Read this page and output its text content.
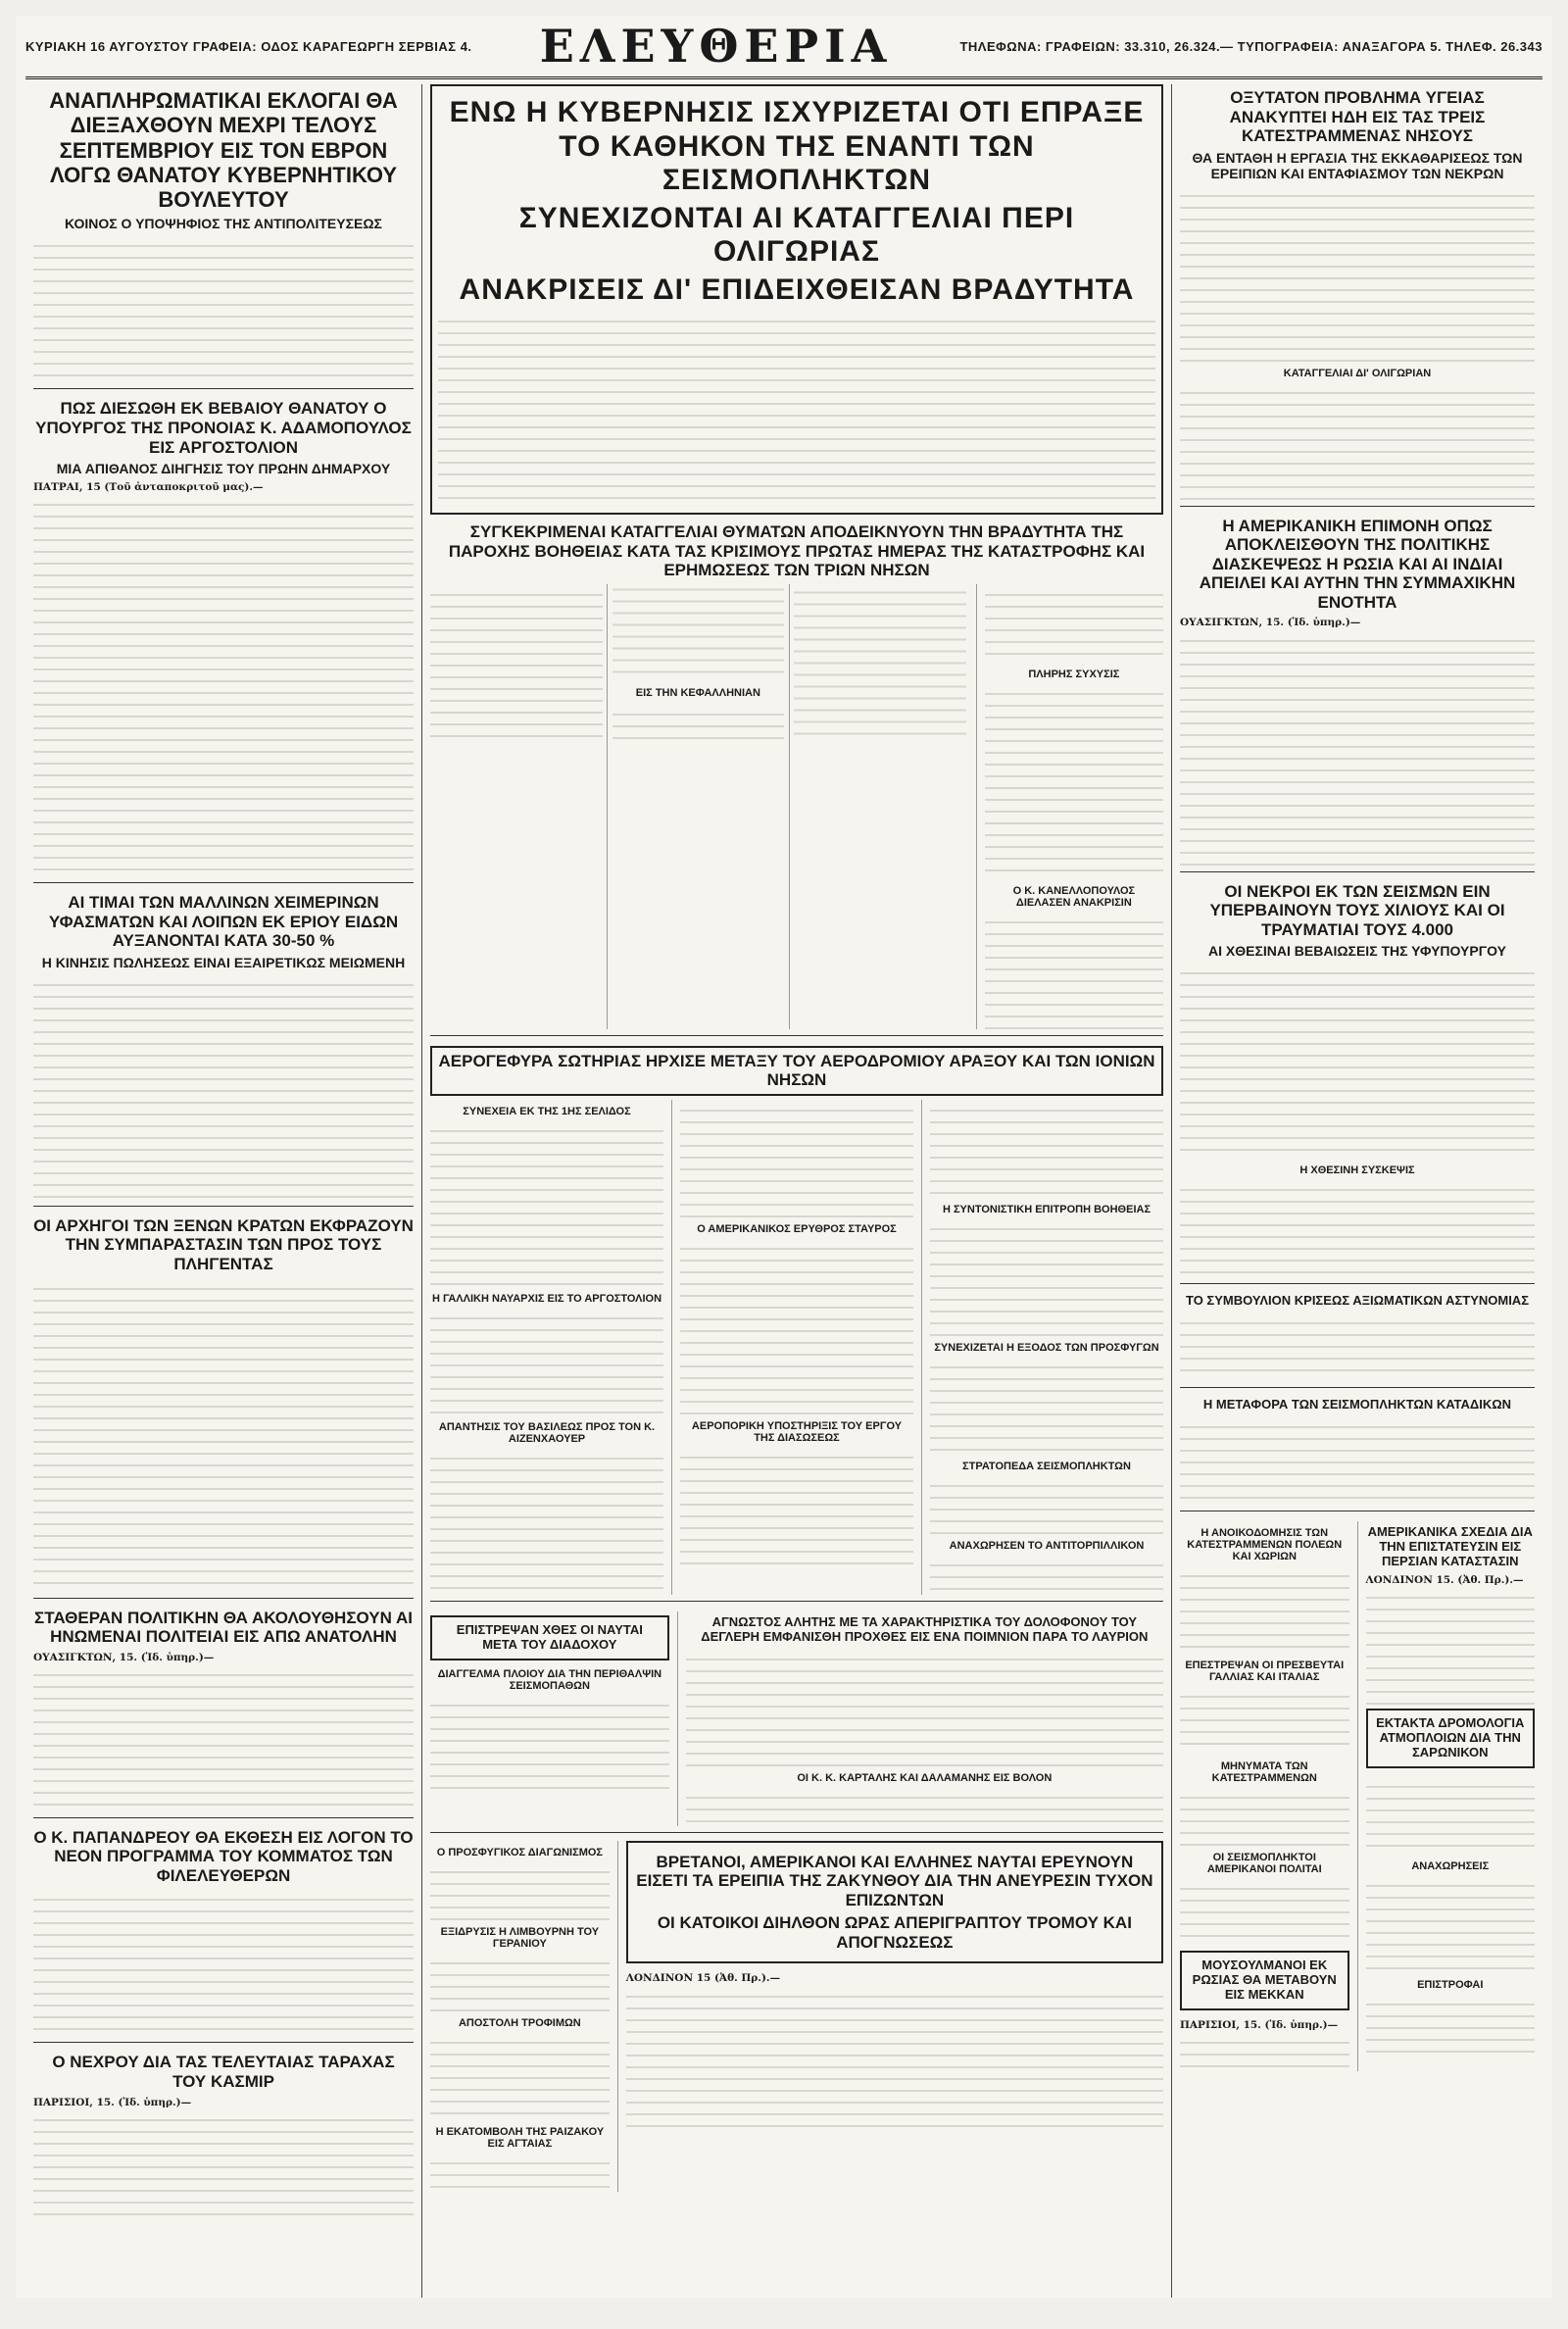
ΚΥΡΙΑΚΗ 16 ΑΥΓΟΥΣΤΟΥ ΓΡΑΦΕΙΑ: ΟΔΟΣ ΚΑΡΑΓΕΩΡΓΗ ΣΕΡΒΙΑΣ 4. ΕΛΕΥΘΕΡΙΑ	ΤΗΛΕΦΩΝΑ: ΓΡΑΦΕΙΩΝ: 33.310, 26.324.— ΤΥΠΟΓΡΑΦΕΙΑ: ΑΝΑΞΑΓΟΡΑ 5. ΤΗΛΕΦ. 26.343
ΑΝΑΠΛΗΡΩΜΑΤΙΚΑΙ ΕΚΛΟΓΑΙ ΘΑ ΔΙΕΞΑΧΘΟΥΝ ΜΕΧΡΙ ΤΕΛΟΥΣ ΣΕΠΤΕΜΒΡΙΟΥ ΕΙΣ ΤΟΝ ΕΒΡΟΝ ΛΟΓΩ ΘΑΝΑΤΟΥ ΚΥΒΕΡΝΗΤΙΚΟΥ ΒΟΥΛΕΥΤΟΥ
ΚΟΙΝΟΣ Ο ΥΠΟΨΗΦΙΟΣ ΤΗΣ ΑΝΤΙΠΟΛΙΤΕΥΣΕΩΣ
ΠΩΣ ΔΙΕΣΩΘΗ ΕΚ ΒΕΒΑΙΟΥ ΘΑΝΑΤΟΥ Ο ΥΠΟΥΡΓΟΣ ΤΗΣ ΠΡΟΝΟΙΑΣ Κ. ΑΔΑΜΟΠΟΥΛΟΣ ΕΙΣ ΑΡΓΟΣΤΟΛΙΟΝ
ΜΙΑ ΑΠΙΘΑΝΟΣ ΔΙΗΓΗΣΙΣ ΤΟΥ ΠΡΩΗΝ ΔΗΜΑΡΧΟΥ

ΠΑΤΡΑΙ, 15 (Τοῦ ἀνταποκριτοῦ μας).—

ΑΙ ΤΙΜΑΙ ΤΩΝ ΜΑΛΛΙΝΩΝ ΧΕΙΜΕΡΙΝΩΝ ΥΦΑΣΜΑΤΩΝ ΚΑΙ ΛΟΙΠΩΝ ΕΚ ΕΡΙΟΥ ΕΙΔΩΝ ΑΥΞΑΝΟΝΤΑΙ ΚΑΤΑ 30-50 %
Η ΚΙΝΗΣΙΣ ΠΩΛΗΣΕΩΣ ΕΙΝΑΙ ΕΞΑΙΡΕΤΙΚΩΣ ΜΕΙΩΜΕΝΗ
ΟΙ ΑΡΧΗΓΟΙ ΤΩΝ ΞΕΝΩΝ ΚΡΑΤΩΝ ΕΚΦΡΑΖΟΥΝ ΤΗΝ ΣΥΜΠΑΡΑΣΤΑΣΙΝ ΤΩΝ ΠΡΟΣ ΤΟΥΣ ΠΛΗΓΕΝΤΑΣ
ΣΤΑΘΕΡΑΝ ΠΟΛΙΤΙΚΗΝ ΘΑ ΑΚΟΛΟΥΘΗΣΟΥΝ ΑΙ ΗΝΩΜΕΝΑΙ ΠΟΛΙΤΕΙΑΙ ΕΙΣ ΑΠΩ ΑΝΑΤΟΛΗΝ

ΟΥΑΣΙΓΚΤΩΝ, 15. (Ἰδ. ὑπηρ.)—

Ο Κ. ΠΑΠΑΝΔΡΕΟΥ ΘΑ ΕΚΘΕΣΗ ΕΙΣ ΛΟΓΟΝ ΤΟ ΝΕΟΝ ΠΡΟΓΡΑΜΜΑ ΤΟΥ ΚΟΜΜΑΤΟΣ ΤΩΝ ΦΙΛΕΛΕΥΘΕΡΩΝ
Ο ΝΕΧΡΟΥ ΔΙΑ ΤΑΣ ΤΕΛΕΥΤΑΙΑΣ ΤΑΡΑΧΑΣ ΤΟΥ ΚΑΣΜΙΡ

ΠΑΡΙΣΙΟΙ, 15. (Ἰδ. ὑπηρ.)—

ΕΝΩ Η ΚΥΒΕΡΝΗΣΙΣ ΙΣΧΥΡΙΖΕΤΑΙ ΟΤΙ ΕΠΡΑΞΕ ΤΟ ΚΑΘΗΚΟΝ ΤΗΣ ΕΝΑΝΤΙ ΤΩΝ ΣΕΙΣΜΟΠΛΗΚΤΩΝ
ΣΥΝΕΧΙΖΟΝΤΑΙ ΑΙ ΚΑΤΑΓΓΕΛΙΑΙ ΠΕΡΙ ΟΛΙΓΩΡΙΑΣ
ΑΝΑΚΡΙΣΕΙΣ ΔΙ' ΕΠΙΔΕΙΧΘΕΙΣΑΝ ΒΡΑΔΥΤΗΤΑ
ΣΥΓΚΕΚΡΙΜΕΝΑΙ ΚΑΤΑΓΓΕΛΙΑΙ ΘΥΜΑΤΩΝ ΑΠΟΔΕΙΚΝΥΟΥΝ ΤΗΝ ΒΡΑΔΥΤΗΤΑ ΤΗΣ ΠΑΡΟΧΗΣ ΒΟΗΘΕΙΑΣ ΚΑΤΑ ΤΑΣ ΚΡΙΣΙΜΟΥΣ ΠΡΩΤΑΣ ΗΜΕΡΑΣ ΤΗΣ ΚΑΤΑΣΤΡΟΦΗΣ ΚΑΙ ΕΡΗΜΩΣΕΩΣ ΤΩΝ ΤΡΙΩΝ ΝΗΣΩΝ
ΕΙΣ ΤΗΝ ΚΕΦΑΛΛΗΝΙΑΝ
ΠΛΗΡΗΣ ΣΥΧΥΣΙΣ
Ο Κ. ΚΑΝΕΛΛΟΠΟΥΛΟΣ ΔΙΕΛΑΣΕΝ ΑΝΑΚΡΙΣΙΝ
ΑΕΡΟΓΕΦΥΡΑ ΣΩΤΗΡΙΑΣ ΗΡΧΙΣΕ ΜΕΤΑΞΥ ΤΟΥ ΑΕΡΟΔΡΟΜΙΟΥ ΑΡΑΞΟΥ ΚΑΙ ΤΩΝ ΙΟΝΙΩΝ ΝΗΣΩΝ
ΣΥΝΕΧΕΙΑ ΕΚ ΤΗΣ 1ΗΣ ΣΕΛΙΔΟΣ
Η ΓΑΛΛΙΚΗ ΝΑΥΑΡΧΙΣ ΕΙΣ ΤΟ ΑΡΓΟΣΤΟΛΙΟΝ
ΑΠΑΝΤΗΣΙΣ ΤΟΥ ΒΑΣΙΛΕΩΣ ΠΡΟΣ ΤΟΝ Κ. ΑΙΖΕΝΧΑΟΥΕΡ
Ο ΑΜΕΡΙΚΑΝΙΚΟΣ ΕΡΥΘΡΟΣ ΣΤΑΥΡΟΣ
ΑΕΡΟΠΟΡΙΚΗ ΥΠΟΣΤΗΡΙΞΙΣ ΤΟΥ ΕΡΓΟΥ ΤΗΣ ΔΙΑΣΩΣΕΩΣ
Η ΣΥΝΤΟΝΙΣΤΙΚΗ ΕΠΙΤΡΟΠΗ ΒΟΗΘΕΙΑΣ
ΣΥΝΕΧΙΖΕΤΑΙ Η ΕΞΟΔΟΣ ΤΩΝ ΠΡΟΣΦΥΓΩΝ
ΣΤΡΑΤΟΠΕΔΑ ΣΕΙΣΜΟΠΛΗΚΤΩΝ
ΑΝΑΧΩΡΗΣΕΝ ΤΟ ΑΝΤΙΤΟΡΠΙΛΛΙΚΟΝ
ΕΠΙΣΤΡΕΨΑΝ ΧΘΕΣ ΟΙ ΝΑΥΤΑΙ ΜΕΤΑ ΤΟΥ ΔΙΑΔΟΧΟΥ
ΔΙΑΓΓΕΛΜΑ ΠΛΟΙΟΥ ΔΙΑ ΤΗΝ ΠΕΡΙΘΑΛΨΙΝ ΣΕΙΣΜΟΠΑΘΩΝ
ΑΓΝΩΣΤΟΣ ΑΛΗΤΗΣ ΜΕ ΤΑ ΧΑΡΑΚΤΗΡΙΣΤΙΚΑ ΤΟΥ ΔΟΛΟΦΟΝΟΥ ΤΟΥ ΔΕΓΛΕΡΗ ΕΜΦΑΝΙΣΘΗ ΠΡΟΧΘΕΣ ΕΙΣ ΕΝΑ ΠΟΙΜΝΙΟΝ ΠΑΡΑ ΤΟ ΛΑΥΡΙΟΝ
ΟΙ Κ. Κ. ΚΑΡΤΑΛΗΣ ΚΑΙ ΔΑΛΑΜΑΝΗΣ ΕΙΣ ΒΟΛΟΝ
Ο ΠΡΟΣΦΥΓΙΚΟΣ ΔΙΑΓΩΝΙΣΜΟΣ
ΕΞΙΔΡΥΣΙΣ Η ΛΙΜΒΟΥΡΝΗ ΤΟΥ ΓΕΡΑΝΙΟΥ
ΑΠΟΣΤΟΛΗ ΤΡΟΦΙΜΩΝ
Η ΕΚΑΤΟΜΒΟΛΗ ΤΗΣ ΡΑΙΖΑΚΟΥ ΕΙΣ ΑΓΤΑΙΑΣ
ΒΡΕΤΑΝΟΙ, ΑΜΕΡΙΚΑΝΟΙ ΚΑΙ ΕΛΛΗΝΕΣ ΝΑΥΤΑΙ ΕΡΕΥΝΟΥΝ ΕΙΣΕΤΙ ΤΑ ΕΡΕΙΠΙΑ ΤΗΣ ΖΑΚΥΝΘΟΥ ΔΙΑ ΤΗΝ ΑΝΕΥΡΕΣΙΝ ΤΥΧΟΝ ΕΠΙΖΩΝΤΩΝ
ΟΙ ΚΑΤΟΙΚΟΙ ΔΙΗΛΘΟΝ ΩΡΑΣ ΑΠΕΡΙΓΡΑΠΤΟΥ ΤΡΟΜΟΥ ΚΑΙ ΑΠΟΓΝΩΣΕΩΣ

ΛΟΝΔΙΝΟΝ 15 (Ἀθ. Πρ.).—

ΟΞΥΤΑΤΟΝ ΠΡΟΒΛΗΜΑ ΥΓΕΙΑΣ ΑΝΑΚΥΠΤΕΙ ΗΔΗ ΕΙΣ ΤΑΣ ΤΡΕΙΣ ΚΑΤΕΣΤΡΑΜΜΕΝΑΣ ΝΗΣΟΥΣ
ΘΑ ΕΝΤΑΘΗ Η ΕΡΓΑΣΙΑ ΤΗΣ ΕΚΚΑΘΑΡΙΣΕΩΣ ΤΩΝ ΕΡΕΙΠΙΩΝ ΚΑΙ ΕΝΤΑΦΙΑΣΜΟΥ ΤΩΝ ΝΕΚΡΩΝ
ΚΑΤΑΓΓΕΛΙΑΙ ΔΙ' ΟΛΙΓΩΡΙΑΝ
Η ΑΜΕΡΙΚΑΝΙΚΗ ΕΠΙΜΟΝΗ ΟΠΩΣ ΑΠΟΚΛΕΙΣΘΟΥΝ ΤΗΣ ΠΟΛΙΤΙΚΗΣ ΔΙΑΣΚΕΨΕΩΣ Η ΡΩΣΙΑ ΚΑΙ ΑΙ ΙΝΔΙΑΙ ΑΠΕΙΛΕΙ ΚΑΙ ΑΥΤΗΝ ΤΗΝ ΣΥΜΜΑΧΙΚΗΝ ΕΝΟΤΗΤΑ

ΟΥΑΣΙΓΚΤΩΝ, 15. (Ἰδ. ὑπηρ.)—

ΟΙ ΝΕΚΡΟΙ ΕΚ ΤΩΝ ΣΕΙΣΜΩΝ ΕΙΝ ΥΠΕΡΒΑΙΝΟΥΝ ΤΟΥΣ ΧΙΛΙΟΥΣ ΚΑΙ ΟΙ ΤΡΑΥΜΑΤΙΑΙ ΤΟΥΣ 4.000
ΑΙ ΧΘΕΣΙΝΑΙ ΒΕΒΑΙΩΣΕΙΣ ΤΗΣ ΥΦΥΠΟΥΡΓΟΥ
Η ΧΘΕΣΙΝΗ ΣΥΣΚΕΨΙΣ
ΤΟ ΣΥΜΒΟΥΛΙΟΝ ΚΡΙΣΕΩΣ ΑΞΙΩΜΑΤΙΚΩΝ ΑΣΤΥΝΟΜΙΑΣ
Η ΜΕΤΑΦΟΡΑ ΤΩΝ ΣΕΙΣΜΟΠΛΗΚΤΩΝ ΚΑΤΑΔΙΚΩΝ
Η ΑΝΟΙΚΟΔΟΜΗΣΙΣ ΤΩΝ ΚΑΤΕΣΤΡΑΜΜΕΝΩΝ ΠΟΛΕΩΝ ΚΑΙ ΧΩΡΙΩΝ
ΕΠΕΣΤΡΕΨΑΝ ΟΙ ΠΡΕΣΒΕΥΤΑΙ ΓΑΛΛΙΑΣ ΚΑΙ ΙΤΑΛΙΑΣ
ΜΗΝΥΜΑΤΑ ΤΩΝ ΚΑΤΕΣΤΡΑΜΜΕΝΩΝ
ΟΙ ΣΕΙΣΜΟΠΛΗΚΤΟΙ ΑΜΕΡΙΚΑΝΟΙ ΠΟΛΙΤΑΙ
ΜΟΥΣΟΥΛΜΑΝΟΙ ΕΚ ΡΩΣΙΑΣ ΘΑ ΜΕΤΑΒΟΥΝ ΕΙΣ ΜΕΚΚΑΝ

ΠΑΡΙΣΙΟΙ, 15. (Ἰδ. ὑπηρ.)—

ΑΜΕΡΙΚΑΝΙΚΑ ΣΧΕΔΙΑ ΔΙΑ ΤΗΝ ΕΠΙΣΤΑΤΕΥΣΙΝ ΕΙΣ ΠΕΡΣΙΑΝ ΚΑΤΑΣΤΑΣΙΝ

ΛΟΝΔΙΝΟΝ 15. (Ἀθ. Πρ.).—

ΕΚΤΑΚΤΑ ΔΡΟΜΟΛΟΓΙΑ ΑΤΜΟΠΛΟΙΩΝ ΔΙΑ ΤΗΝ ΣΑΡΩΝΙΚΟΝ
ΑΝΑΧΩΡΗΣΕΙΣ
ΕΠΙΣΤΡΟΦΑΙ
